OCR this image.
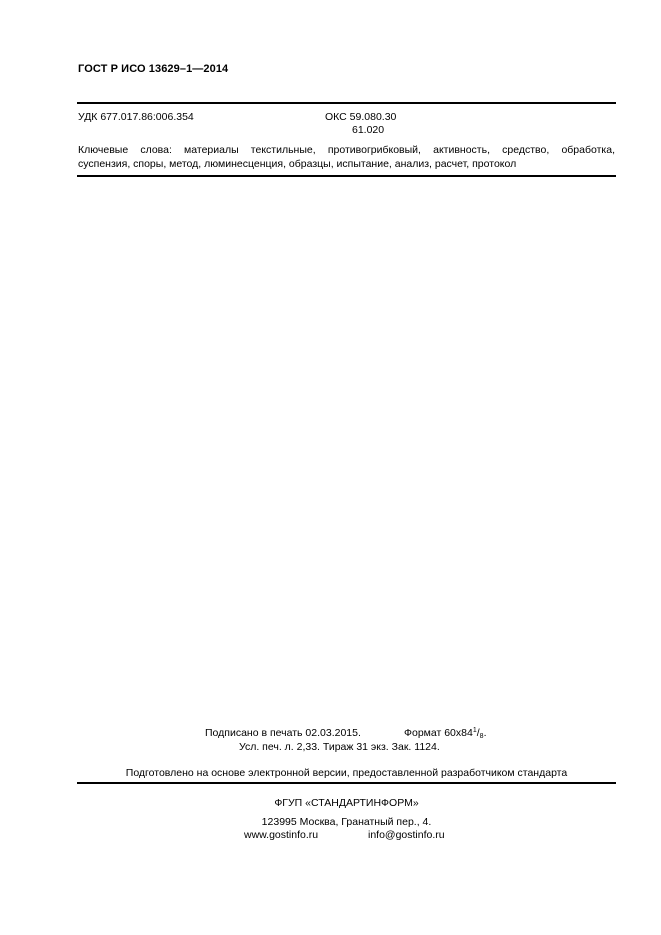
ГОСТ Р ИСО 13629–1—2014
УДК 677.017.86:006.354	ОКС 59.080.30
61.020
Ключевые слова: материалы текстильные, противогрибковый, активность, средство, обработка,
суспензия, споры, метод, люминесценция, образцы, испытание, анализ, расчет, протокол
Подписано в печать 02.03.2015.	Формат $60x84^1/8$.
Усл. печ. л. 2,33. Тираж 31 экз. Зак. 1124.
Подготовлено на основе электронной версии, предоставленной разработчиком стандарта
ФГУП «СТАНДАРТИНФОРМ»
123995 Москва, Гранатный пер., 4.
www.gostinfo.ru	info@gostinfo.ru
